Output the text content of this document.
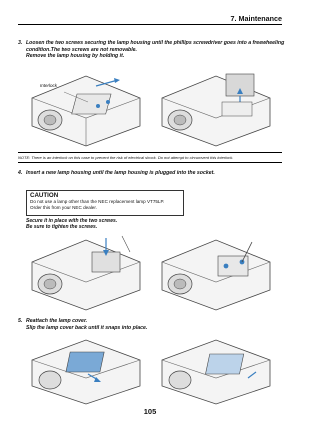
7. Maintenance
3. Loosen the two screws securing the lamp housing until the phillips screwdriver goes into a freewheeling
condition.The two screws are not removable.
Remove the lamp housing by holding it.
Interlock
NOTE: There is an interlock on this case to prevent the risk of electrical shock. Do not attempt to circumvent this interlock.
4. Insert a new lamp housing until the lamp housing is plugged into the socket.
CAUTION
Do not use a lamp other than the NEC replacement lamp VT75LP.
Order this from your NEC dealer.
Secure it in place with the two screws.
Be sure to tighten the screws.
5. Reattach the lamp cover.
Slip the lamp cover back until it snaps into place.
105
